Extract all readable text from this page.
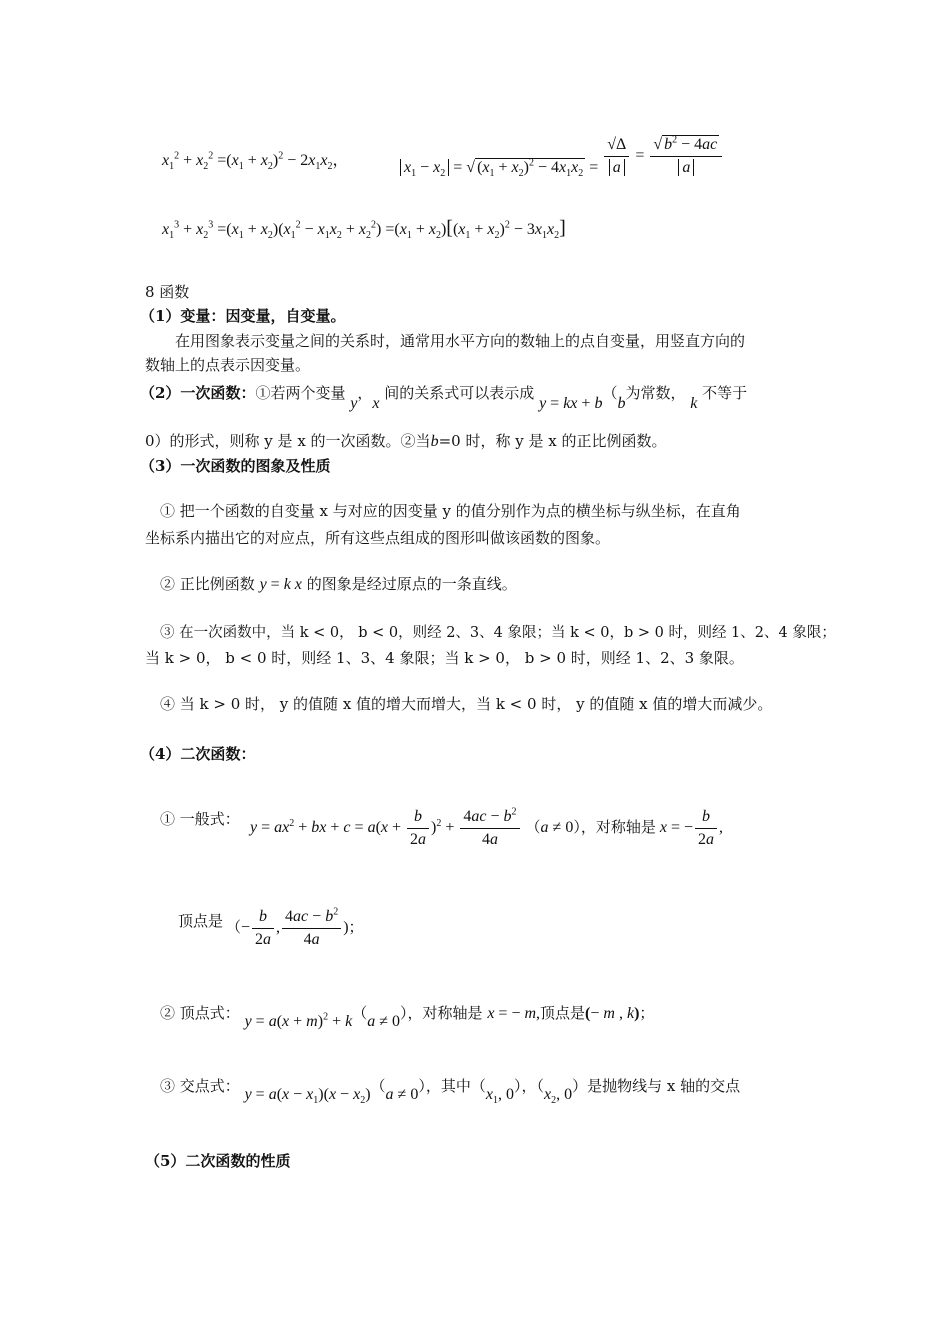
$x_1^2 + x_2^2 =(x_1 + x_2)^2 - 2x_1x_2$，	$x_1 - x_2$ = √ $(x_1 + x_2)^2 - 4x_1x_2 = \frac{√\Delta}{a} = \frac{√ b^2 - 4ac}{a}$
$x_1^3 + x_2^3 =(x_1 + x_2)(x_1^2 - x_1x_2 + x_2^2) =(x_1 + x_2)[(x_1 + x_2)^2 - 3x_1x_2]$
8 函数
（1）变量：因变量，自变量。
在用图象表示变量之间的关系时，通常用水平方向的数轴上的点自变量，用竖直方向的
数轴上的点表示因变量。
（2）一次函数：①若两个变量 y，x 间的关系式可以表示成 y = kx + b（b为常数， k 不等于
0）的形式，则称 y 是 x 的一次函数。②当b=0 时，称 y 是 x 的正比例函数。
（3）一次函数的图象及性质
① 把一个函数的自变量 x 与对应的因变量 y 的值分别作为点的横坐标与纵坐标，在直角
坐标系内描出它的对应点，所有这些点组成的图形叫做该函数的图象。
② 正比例函数 y = k x 的图象是经过原点的一条直线。
③ 在一次函数中，当 k < 0， b < 0，则经 2、3、4 象限；当 k < 0，b > 0 时，则经 1、2、4 象限；
当 k > 0， b < 0 时，则经 1、3、4 象限；当 k > 0， b > 0 时，则经 1、2、3 象限。
④ 当 k > 0 时， y 的值随 x 值的增大而增大，当 k < 0 时， y 的值随 x 值的增大而减少。
（4）二次函数：
① 一般式： $y = ax^2$ + bx + $c = a(x + \frac{b}{2a} )^2 + \frac{4ac - b^2}{4a} (a \ne 0)$，对称轴是 x = − $\frac{b}{2a}$ ,
顶点是 （− $\frac{b}{2a}$ , $\frac{4ac - b^2}{4a}$ )；
② 顶点式： $y = a(x + m)^2 + k(a \ne 0)$，对称轴是 x = − m,顶点是(− m , k)；
③ 交点式： $y = a(x - x_1)(x - x_2)(a \ne 0)$，其中（$x_1$, 0），（$x_2$, 0）是抛物线与 x 轴的交点
（5）二次函数的性质
